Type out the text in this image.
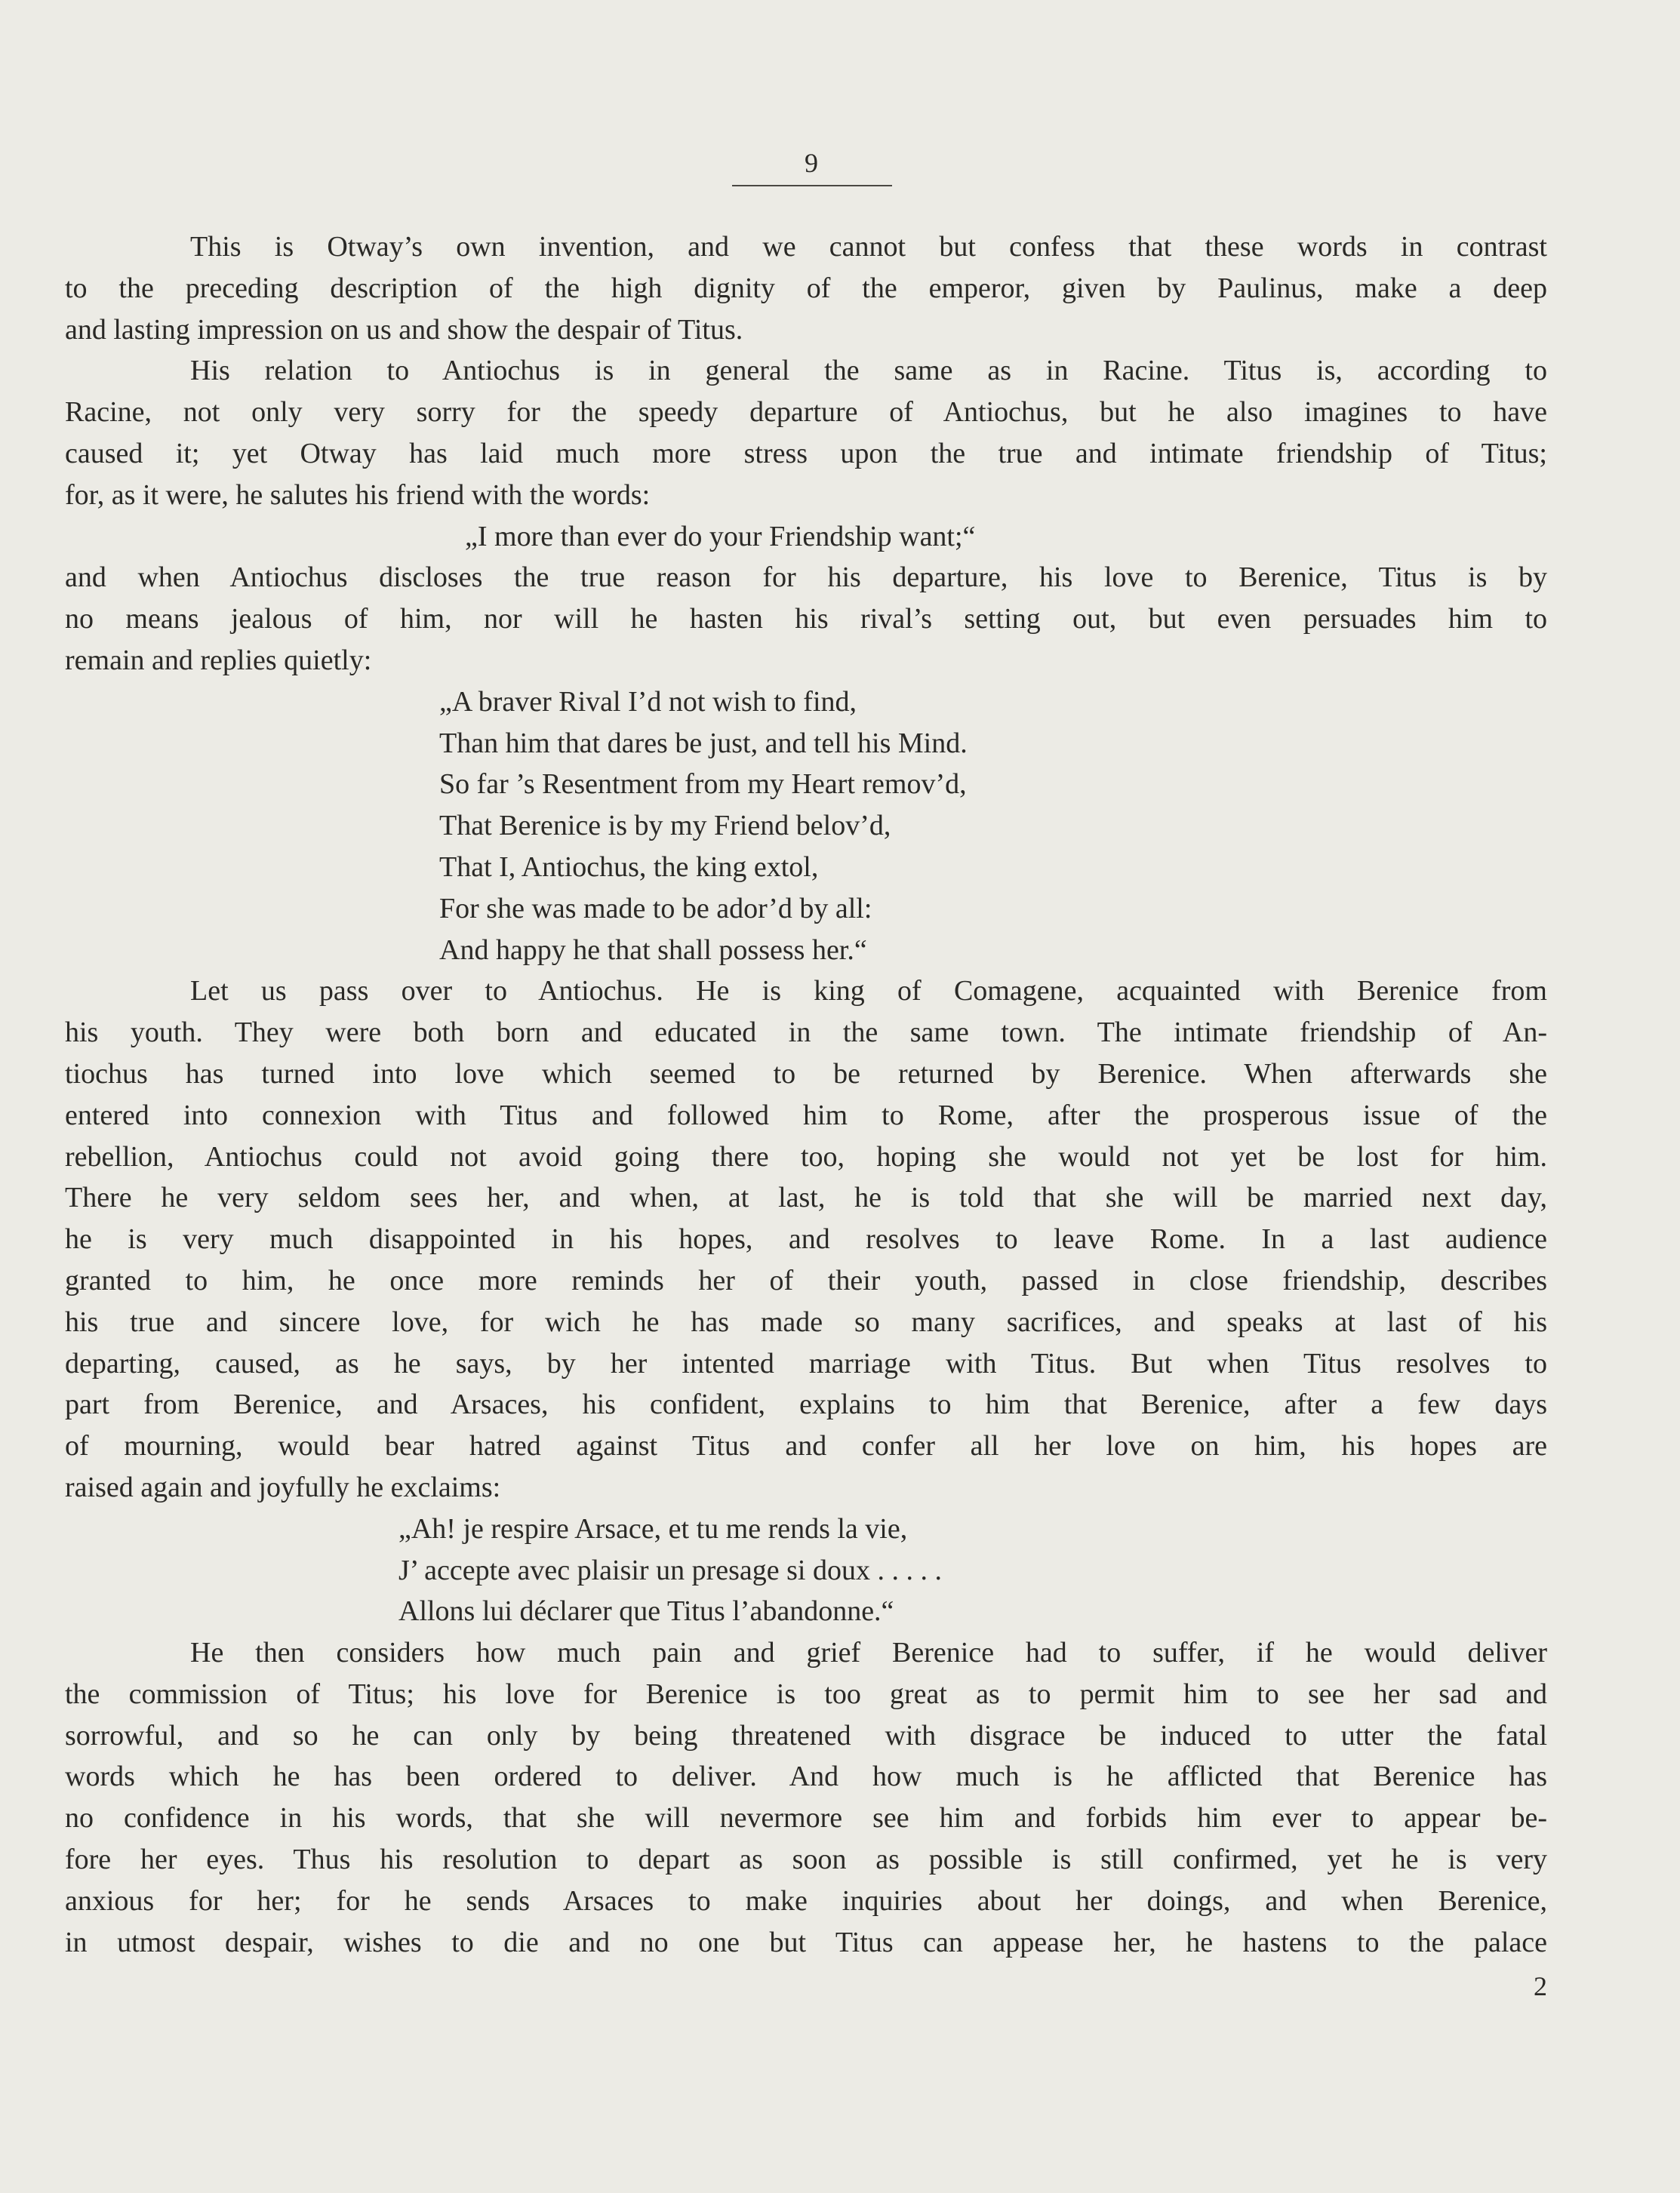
9
This is Otway’s own invention, and we cannot but confess that these words in contrast
to the preceding description of the high dignity of the emperor, given by Paulinus, make a deep
and lasting impression on us and show the despair of Titus.
His relation to Antiochus is in general the same as in Racine. Titus is, according to
Racine, not only very sorry for the speedy departure of Antiochus, but he also imagines to have
caused it; yet Otway has laid much more stress upon the true and intimate friendship of Titus;
for, as it were, he salutes his friend with the words:
„I more than ever do your Friendship want;“
and when Antiochus discloses the true reason for his departure, his love to Berenice, Titus is by
no means jealous of him, nor will he hasten his rival’s setting out, but even persuades him to
remain and replies quietly:
„A braver Rival I’d not wish to find,
Than him that dares be just, and tell his Mind.
So far ’s Resentment from my Heart remov’d,
That Berenice is by my Friend belov’d,
That I, Antiochus, the king extol,
For she was made to be ador’d by all:
And happy he that shall possess her.“
Let us pass over to Antiochus. He is king of Comagene, acquainted with Berenice from
his youth. They were both born and educated in the same town. The intimate friendship of An-
tiochus has turned into love which seemed to be returned by Berenice. When afterwards she
entered into connexion with Titus and followed him to Rome, after the prosperous issue of the
rebellion, Antiochus could not avoid going there too, hoping she would not yet be lost for him.
There he very seldom sees her, and when, at last, he is told that she will be married next day,
he is very much disappointed in his hopes, and resolves to leave Rome. In a last audience
granted to him, he once more reminds her of their youth, passed in close friendship, describes
his true and sincere love, for wich he has made so many sacrifices, and speaks at last of his
departing, caused, as he says, by her intented marriage with Titus. But when Titus resolves to
part from Berenice, and Arsaces, his confident, explains to him that Berenice, after a few days
of mourning, would bear hatred against Titus and confer all her love on him, his hopes are
raised again and joyfully he exclaims:
„Ah! je respire Arsace, et tu me rends la vie,
J’ accepte avec plaisir un presage si doux . . . . .
Allons lui déclarer que Titus l’abandonne.“
He then considers how much pain and grief Berenice had to suffer, if he would deliver
the commission of Titus; his love for Berenice is too great as to permit him to see her sad and
sorrowful, and so he can only by being threatened with disgrace be induced to utter the fatal
words which he has been ordered to deliver. And how much is he afflicted that Berenice has
no confidence in his words, that she will nevermore see him and forbids him ever to appear be-
fore her eyes. Thus his resolution to depart as soon as possible is still confirmed, yet he is very
anxious for her; for he sends Arsaces to make inquiries about her doings, and when Berenice,
in utmost despair, wishes to die and no one but Titus can appease her, he hastens to the palace
2
